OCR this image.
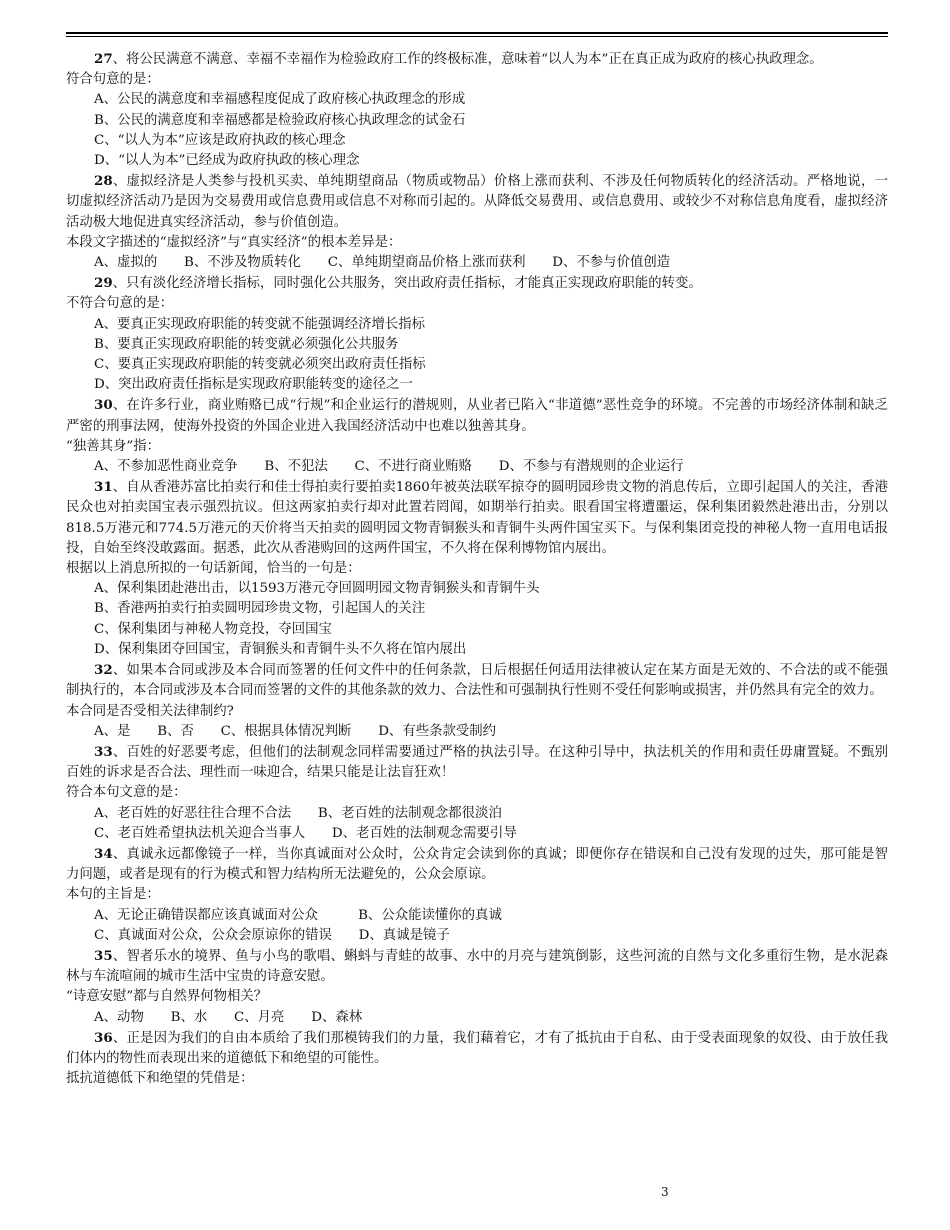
27、将公民满意不满意、幸福不幸福作为检验政府工作的终极标准，意味着“以人为本”正在真正成为政府的核心执政理念。

符合句意的是：

A、公民的满意度和幸福感程度促成了政府核心执政理念的形成

B、公民的满意度和幸福感都是检验政府核心执政理念的试金石

C、“以人为本”应该是政府执政的核心理念

D、“以人为本”已经成为政府执政的核心理念

28、虚拟经济是人类参与投机买卖、单纯期望商品（物质或物品）价格上涨而获利、不涉及任何物质转化的经济活动。严格地说，一切虚拟经济活动乃是因为交易费用或信息费用或信息不对称而引起的。从降低交易费用、或信息费用、或较少不对称信息角度看，虚拟经济活动极大地促进真实经济活动，参与价值创造。

本段文字描述的“虚拟经济”与“真实经济”的根本差异是：

A、虚拟的   B、不涉及物质转化   C、单纯期望商品价格上涨而获利   D、不参与价值创造

29、只有淡化经济增长指标，同时强化公共服务，突出政府责任指标，才能真正实现政府职能的转变。

不符合句意的是：

A、要真正实现政府职能的转变就不能强调经济增长指标

B、要真正实现政府职能的转变就必须强化公共服务

C、要真正实现政府职能的转变就必须突出政府责任指标

D、突出政府责任指标是实现政府职能转变的途径之一

30、在许多行业，商业贿赂已成“行规”和企业运行的潜规则，从业者已陷入“非道德”恶性竞争的环境。不完善的市场经济体制和缺乏严密的刑事法网，使海外投资的外国企业进入我国经济活动中也难以独善其身。

“独善其身”指：

A、不参加恶性商业竞争   B、不犯法   C、不进行商业贿赂   D、不参与有潜规则的企业运行

31、自从香港苏富比拍卖行和佳士得拍卖行要拍卖1860年被英法联军掠夺的圆明园珍贵文物的消息传后，立即引起国人的关注，香港民众也对拍卖国宝表示强烈抗议。但这两家拍卖行却对此置若罔闻，如期举行拍卖。眼看国宝将遭噩运，保利集团毅然赴港出击，分别以818.5万港元和774.5万港元的天价将当天拍卖的圆明园文物青铜猴头和青铜牛头两件国宝买下。与保利集团竞投的神秘人物一直用电话报投，自始至终没敢露面。据悉，此次从香港购回的这两件国宝，不久将在保利博物馆内展出。

根据以上消息所拟的一句话新闻，恰当的一句是：

A、保利集团赴港出击，以1593万港元夺回圆明园文物青铜猴头和青铜牛头

B、香港两拍卖行拍卖圆明园珍贵文物，引起国人的关注

C、保利集团与神秘人物竞投，夺回国宝

D、保利集团夺回国宝，青铜猴头和青铜牛头不久将在馆内展出

32、如果本合同或涉及本合同而签署的任何文件中的任何条款，日后根据任何适用法律被认定在某方面是无效的、不合法的或不能强制执行的，本合同或涉及本合同而签署的文件的其他条款的效力、合法性和可强制执行性则不受任何影响或损害，并仍然具有完全的效力。

本合同是否受相关法律制约?

A、是   B、否   C、根据具体情况判断   D、有些条款受制约

33、百姓的好恶要考虑，但他们的法制观念同样需要通过严格的执法引导。在这种引导中，执法机关的作用和责任毋庸置疑。不甄别百姓的诉求是否合法、理性而一味迎合，结果只能是让法盲狂欢！

符合本句文意的是：

A、老百姓的好恶往往合理不合法   B、老百姓的法制观念都很淡泊

C、老百姓希望执法机关迎合当事人   D、老百姓的法制观念需要引导

34、真诚永远都像镜子一样，当你真诚面对公众时，公众肯定会读到你的真诚；即便你存在错误和自己没有发现的过失，那可能是智力问题，或者是现有的行为模式和智力结构所无法避免的，公众会原谅。

本句的主旨是：

A、无论正确错误都应该真诚面对公众   	B、公众能读懂你的真诚

C、真诚面对公众，公众会原谅你的错误   D、真诚是镜子

35、智者乐水的境界、鱼与小鸟的歌唱、蝌蚪与青蛙的故事、水中的月亮与建筑倒影，这些河流的自然与文化多重衍生物，是水泥森林与车流喧闹的城市生活中宝贵的诗意安慰。

“诗意安慰”都与自然界何物相关？

A、动物   B、水   C、月亮   D、森林

36、正是因为我们的自由本质给了我们那模铸我们的力量，我们藉着它，才有了抵抗由于自私、由于受表面现象的奴役、由于放任我们体内的物性而表现出来的道德低下和绝望的可能性。

抵抗道德低下和绝望的凭借是：

3
